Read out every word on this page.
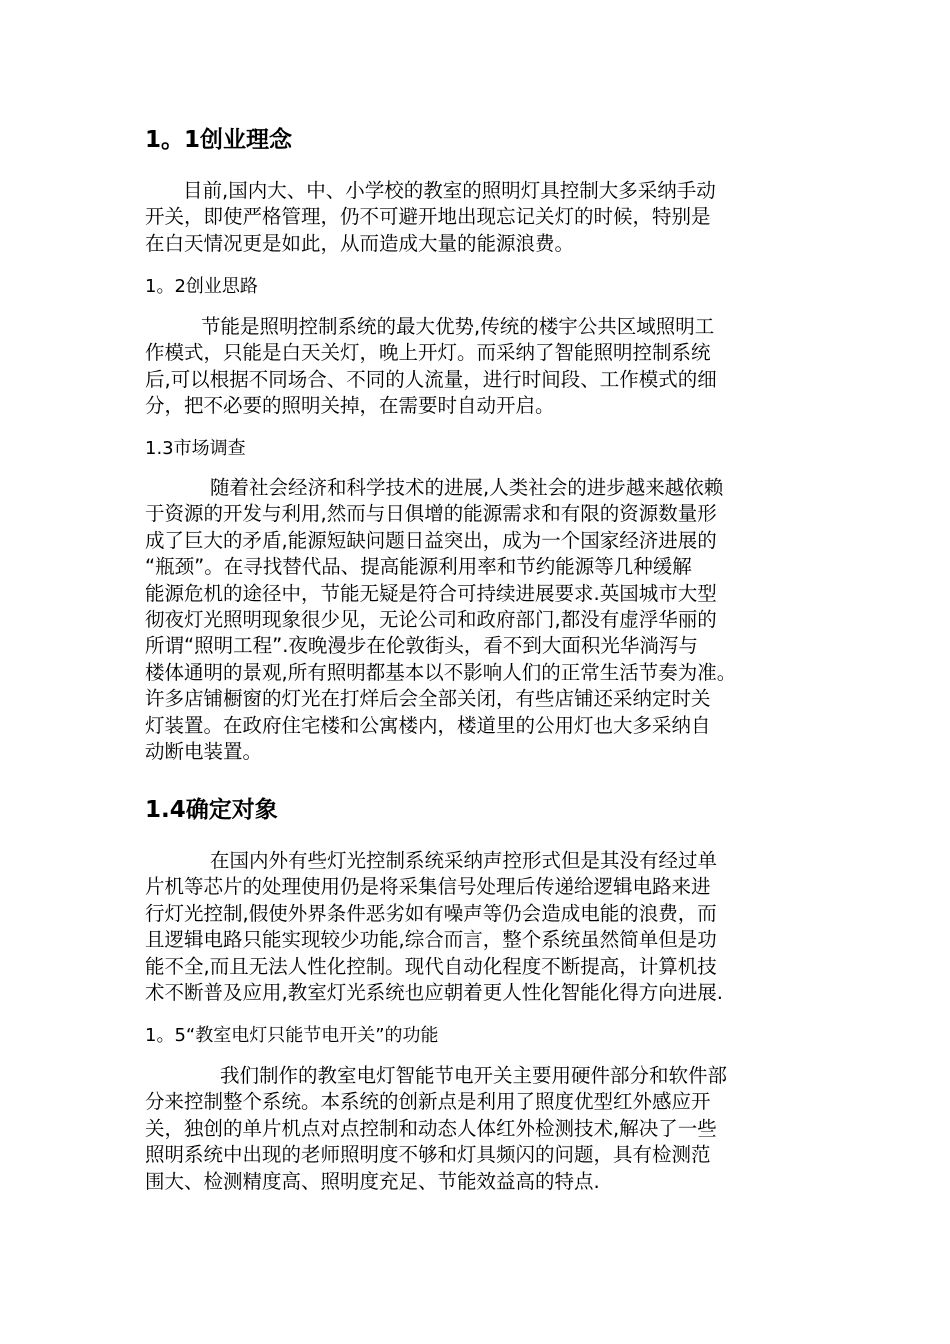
1。1创业理念
目前,国内大、中、小学校的教室的照明灯具控制大多采纳手动
开关，即使严格管理，仍不可避开地出现忘记关灯的时候，特别是
在白天情况更是如此，从而造成大量的能源浪费。
1。2创业思路
节能是照明控制系统的最大优势,传统的楼宇公共区域照明工
作模式，只能是白天关灯，晚上开灯。而采纳了智能照明控制系统
后,可以根据不同场合、不同的人流量，进行时间段、工作模式的细
分，把不必要的照明关掉，在需要时自动开启。
1.3市场调查
随着社会经济和科学技术的进展,人类社会的进步越来越依赖
于资源的开发与利用,然而与日俱增的能源需求和有限的资源数量形
成了巨大的矛盾,能源短缺问题日益突出，成为一个国家经济进展的
“瓶颈”。在寻找替代品、提高能源利用率和节约能源等几种缓解
能源危机的途径中，节能无疑是符合可持续进展要求.英国城市大型
彻夜灯光照明现象很少见，无论公司和政府部门,都没有虚浮华丽的
所谓“照明工程”.夜晚漫步在伦敦街头，看不到大面积光华淌泻与
楼体通明的景观,所有照明都基本以不影响人们的正常生活节奏为准。
许多店铺橱窗的灯光在打烊后会全部关闭，有些店铺还采纳定时关
灯装置。在政府住宅楼和公寓楼内，楼道里的公用灯也大多采纳自
动断电装置。
1.4确定对象
在国内外有些灯光控制系统采纳声控形式但是其没有经过单
片机等芯片的处理使用仍是将采集信号处理后传递给逻辑电路来进
行灯光控制,假使外界条件恶劣如有噪声等仍会造成电能的浪费，而
且逻辑电路只能实现较少功能,综合而言，整个系统虽然简单但是功
能不全,而且无法人性化控制。现代自动化程度不断提高，计算机技
术不断普及应用,教室灯光系统也应朝着更人性化智能化得方向进展.
1。5“教室电灯只能节电开关”的功能
我们制作的教室电灯智能节电开关主要用硬件部分和软件部
分来控制整个系统。本系统的创新点是利用了照度优型红外感应开
关，独创的单片机点对点控制和动态人体红外检测技术,解决了一些
照明系统中出现的老师照明度不够和灯具频闪的问题，具有检测范
围大、检测精度高、照明度充足、节能效益高的特点.
